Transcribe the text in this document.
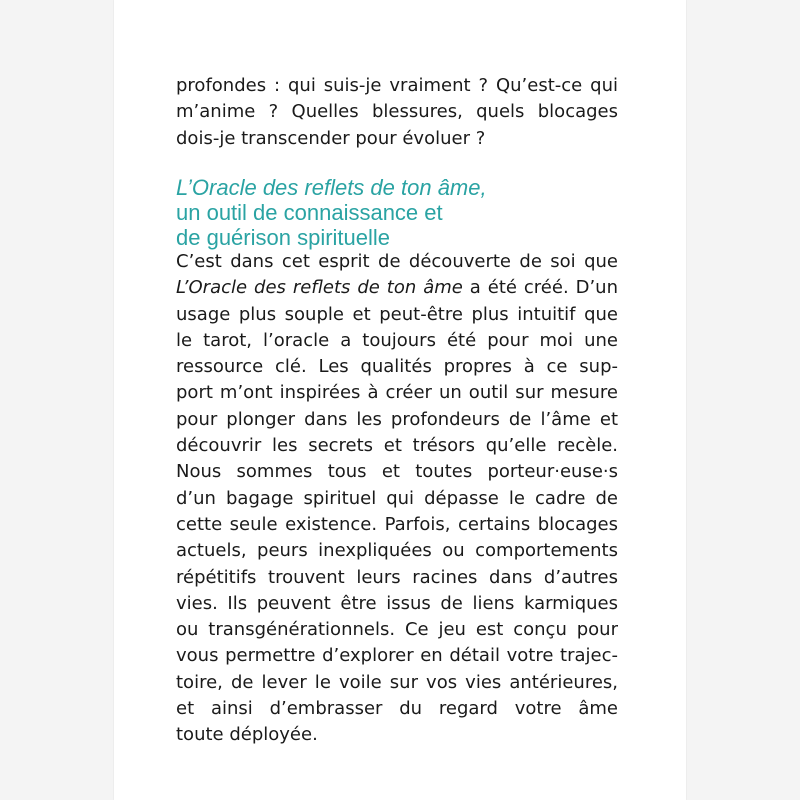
profondes : qui suis-je vraiment ? Qu’est-ce qui
m’anime ? Quelles blessures, quels blocages
dois-je transcender pour évoluer ?
L’Oracle des reflets de ton âme,
un outil de connaissance et
de guérison spirituelle
C’est dans cet esprit de découverte de soi que
L’Oracle des reflets de ton âme a été créé. D’un
usage plus souple et peut-être plus intuitif que
le tarot, l’oracle a toujours été pour moi une
ressource clé. Les qualités propres à ce sup-
port m’ont inspirées à créer un outil sur mesure
pour plonger dans les profondeurs de l’âme et
découvrir les secrets et trésors qu’elle recèle.
Nous sommes tous et toutes porteur·euse·s
d’un bagage spirituel qui dépasse le cadre de
cette seule existence. Parfois, certains blocages
actuels, peurs inexpliquées ou comportements
répétitifs trouvent leurs racines dans d’autres
vies. Ils peuvent être issus de liens karmiques
ou transgénérationnels. Ce jeu est conçu pour
vous permettre d’explorer en détail votre trajec-
toire, de lever le voile sur vos vies antérieures,
et ainsi d’embrasser du regard votre âme
toute déployée.
